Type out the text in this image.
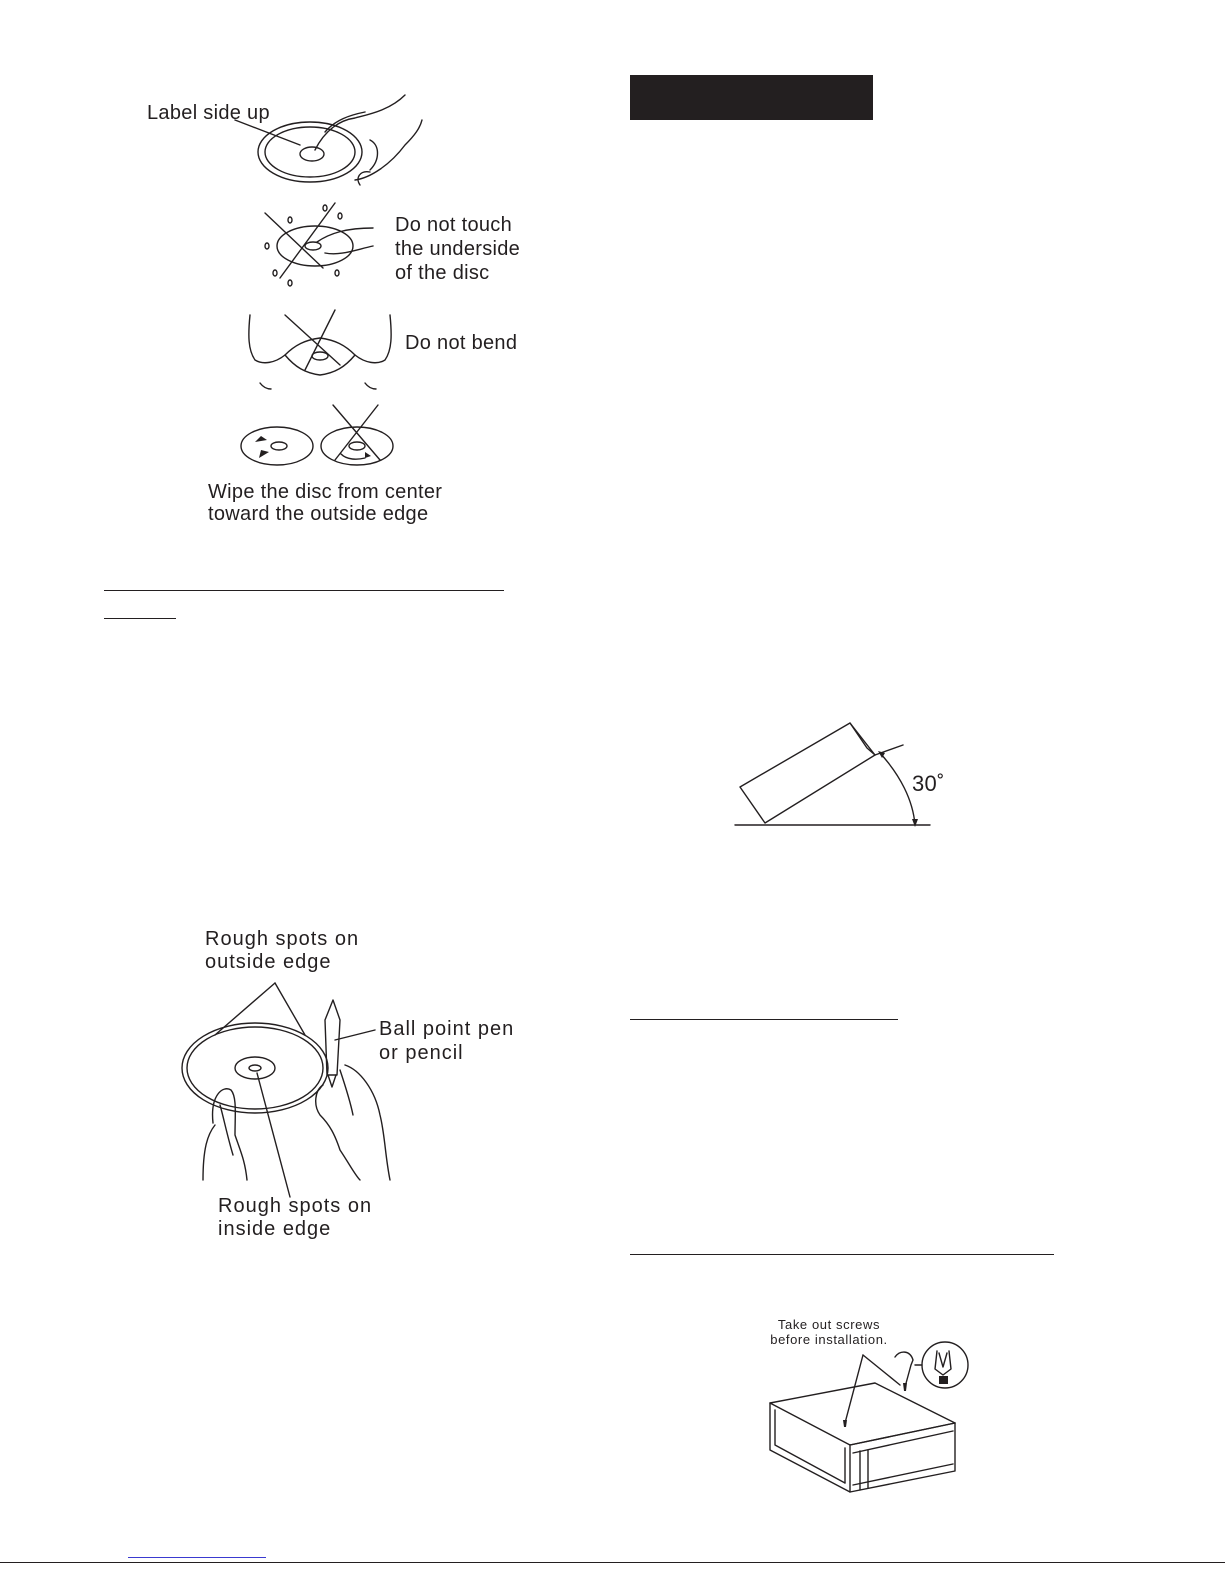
Label side up
Do not touch
the underside
of the disc
Do not bend
Wipe the disc from center
toward the outside edge
Rough spots on
outside edge
Ball point pen
or pencil
Rough spots on
inside edge
30˚
Take out screws
before installation.
